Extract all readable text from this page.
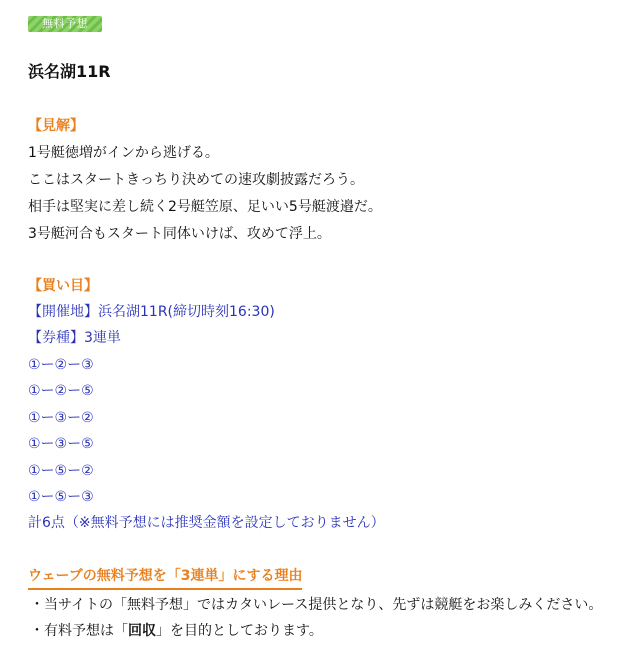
無料予想
浜名湖11R
【見解】
1号艇徳増がインから逃げる。
ここはスタートきっちり決めての速攻劇披露だろう。
相手は堅実に差し続く2号艇笠原、足いい5号艇渡邉だ。
3号艇河合もスタート同体いけば、攻めて浮上。
【買い目】
【開催地】浜名湖11R(締切時刻16:30)
【券種】3連単
①ー②ー③
①ー②ー⑤
①ー③ー②
①ー③ー⑤
①ー⑤ー②
①ー⑤ー③
計6点（※無料予想には推奨金額を設定しておりません）
ウェーブの無料予想を「3連単」にする理由
・当サイトの「無料予想」ではカタいレース提供となり、先ずは競艇をお楽しみください。
・有料予想は「回収」を目的としております。
